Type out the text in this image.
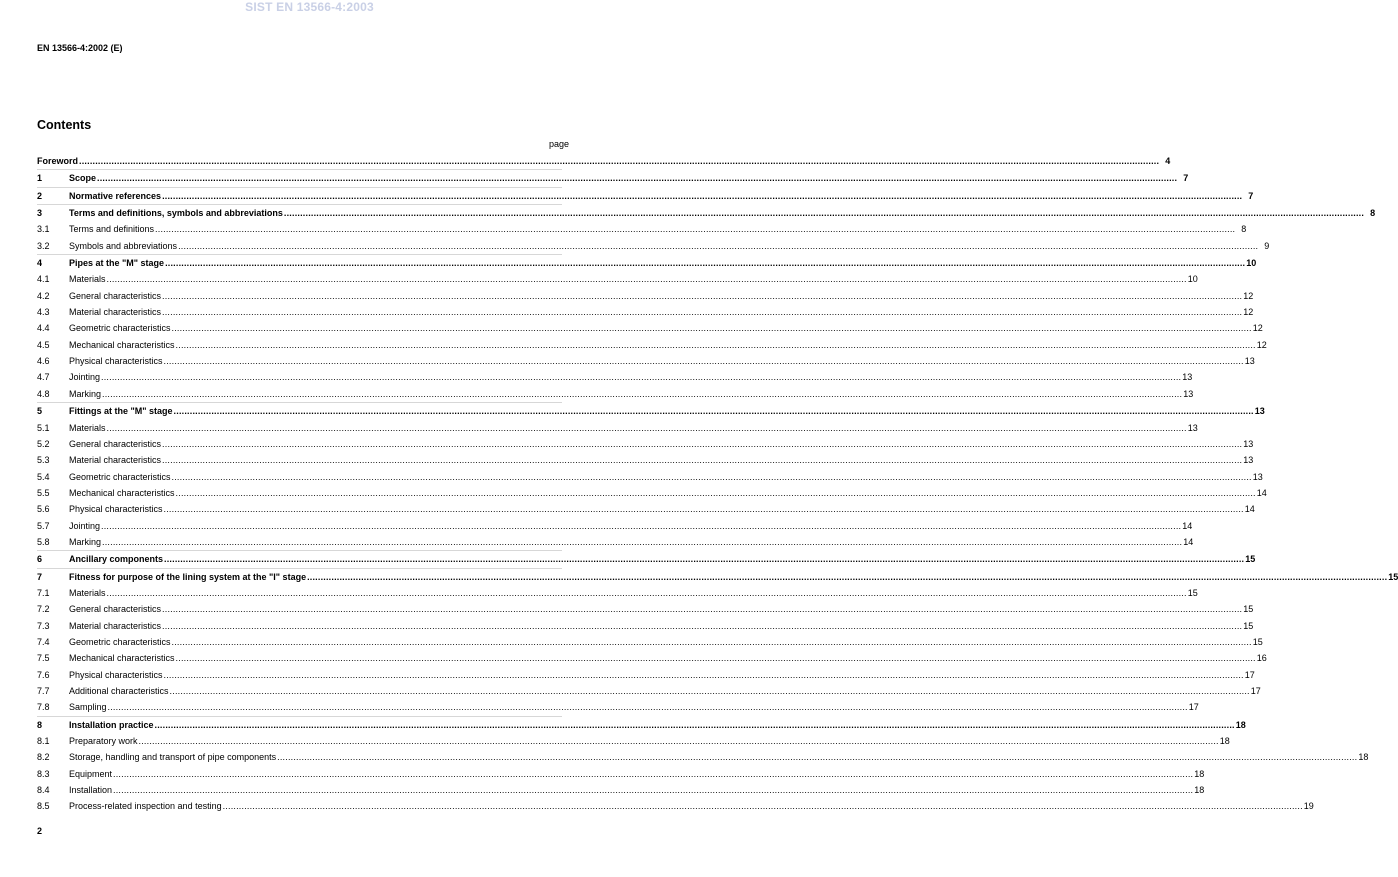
SIST EN 13566-4:2003
EN 13566-4:2002 (E)
Contents
page
Foreword ................................................................................................................................................................................................................................................................................................................................................................................................................ 4
1	Scope ................................................................................................................................................................................................................................................................................................................................................................................................................ 7
2	Normative references ................................................................................................................................................................................................................................................................................................................................................................................................................ 7
3	Terms and definitions, symbols and abbreviations ................................................................................................................................................................................................................................................................................................................................................................................................................ 8
3.1 Terms and definitions ................................................................................................................................................................................................................................................................................................................................................................................................................ 8
3.2 Symbols and abbreviations ................................................................................................................................................................................................................................................................................................................................................................................................................ 9
4	Pipes at the "M" stage ................................................................................................................................................................................................................................................................................................................................................................................................................ 10
4.1 Materials ................................................................................................................................................................................................................................................................................................................................................................................................................ 10
4.2 General characteristics ................................................................................................................................................................................................................................................................................................................................................................................................................ 12
4.3 Material characteristics ................................................................................................................................................................................................................................................................................................................................................................................................................ 12
4.4 Geometric characteristics ................................................................................................................................................................................................................................................................................................................................................................................................................ 12
4.5 Mechanical characteristics ................................................................................................................................................................................................................................................................................................................................................................................................................ 12
4.6 Physical characteristics ................................................................................................................................................................................................................................................................................................................................................................................................................ 13
4.7 Jointing ................................................................................................................................................................................................................................................................................................................................................................................................................ 13
4.8 Marking ................................................................................................................................................................................................................................................................................................................................................................................................................ 13
5	Fittings at the "M" stage ................................................................................................................................................................................................................................................................................................................................................................................................................ 13
5.1 Materials ................................................................................................................................................................................................................................................................................................................................................................................................................ 13
5.2 General characteristics ................................................................................................................................................................................................................................................................................................................................................................................................................ 13
5.3 Material characteristics ................................................................................................................................................................................................................................................................................................................................................................................................................ 13
5.4 Geometric characteristics ................................................................................................................................................................................................................................................................................................................................................................................................................ 13
5.5 Mechanical characteristics ................................................................................................................................................................................................................................................................................................................................................................................................................ 14
5.6 Physical characteristics ................................................................................................................................................................................................................................................................................................................................................................................................................ 14
5.7 Jointing ................................................................................................................................................................................................................................................................................................................................................................................................................ 14
5.8 Marking ................................................................................................................................................................................................................................................................................................................................................................................................................ 14
6	Ancillary components ................................................................................................................................................................................................................................................................................................................................................................................................................ 15
7	Fitness for purpose of the lining system at the "I" stage ................................................................................................................................................................................................................................................................................................................................................................................................................ 15
7.1 Materials ................................................................................................................................................................................................................................................................................................................................................................................................................ 15
7.2 General characteristics ................................................................................................................................................................................................................................................................................................................................................................................................................ 15
7.3 Material characteristics ................................................................................................................................................................................................................................................................................................................................................................................................................ 15
7.4 Geometric characteristics ................................................................................................................................................................................................................................................................................................................................................................................................................ 15
7.5 Mechanical characteristics ................................................................................................................................................................................................................................................................................................................................................................................................................ 16
7.6 Physical characteristics ................................................................................................................................................................................................................................................................................................................................................................................................................ 17
7.7 Additional characteristics ................................................................................................................................................................................................................................................................................................................................................................................................................ 17
7.8 Sampling ................................................................................................................................................................................................................................................................................................................................................................................................................ 17
8	Installation practice ................................................................................................................................................................................................................................................................................................................................................................................................................ 18
8.1 Preparatory work ................................................................................................................................................................................................................................................................................................................................................................................................................ 18
8.2 Storage, handling and transport of pipe components ................................................................................................................................................................................................................................................................................................................................................................................................................ 18
8.3 Equipment ................................................................................................................................................................................................................................................................................................................................................................................................................ 18
8.4 Installation ................................................................................................................................................................................................................................................................................................................................................................................................................ 18
8.5 Process-related inspection and testing ................................................................................................................................................................................................................................................................................................................................................................................................................ 19
2
